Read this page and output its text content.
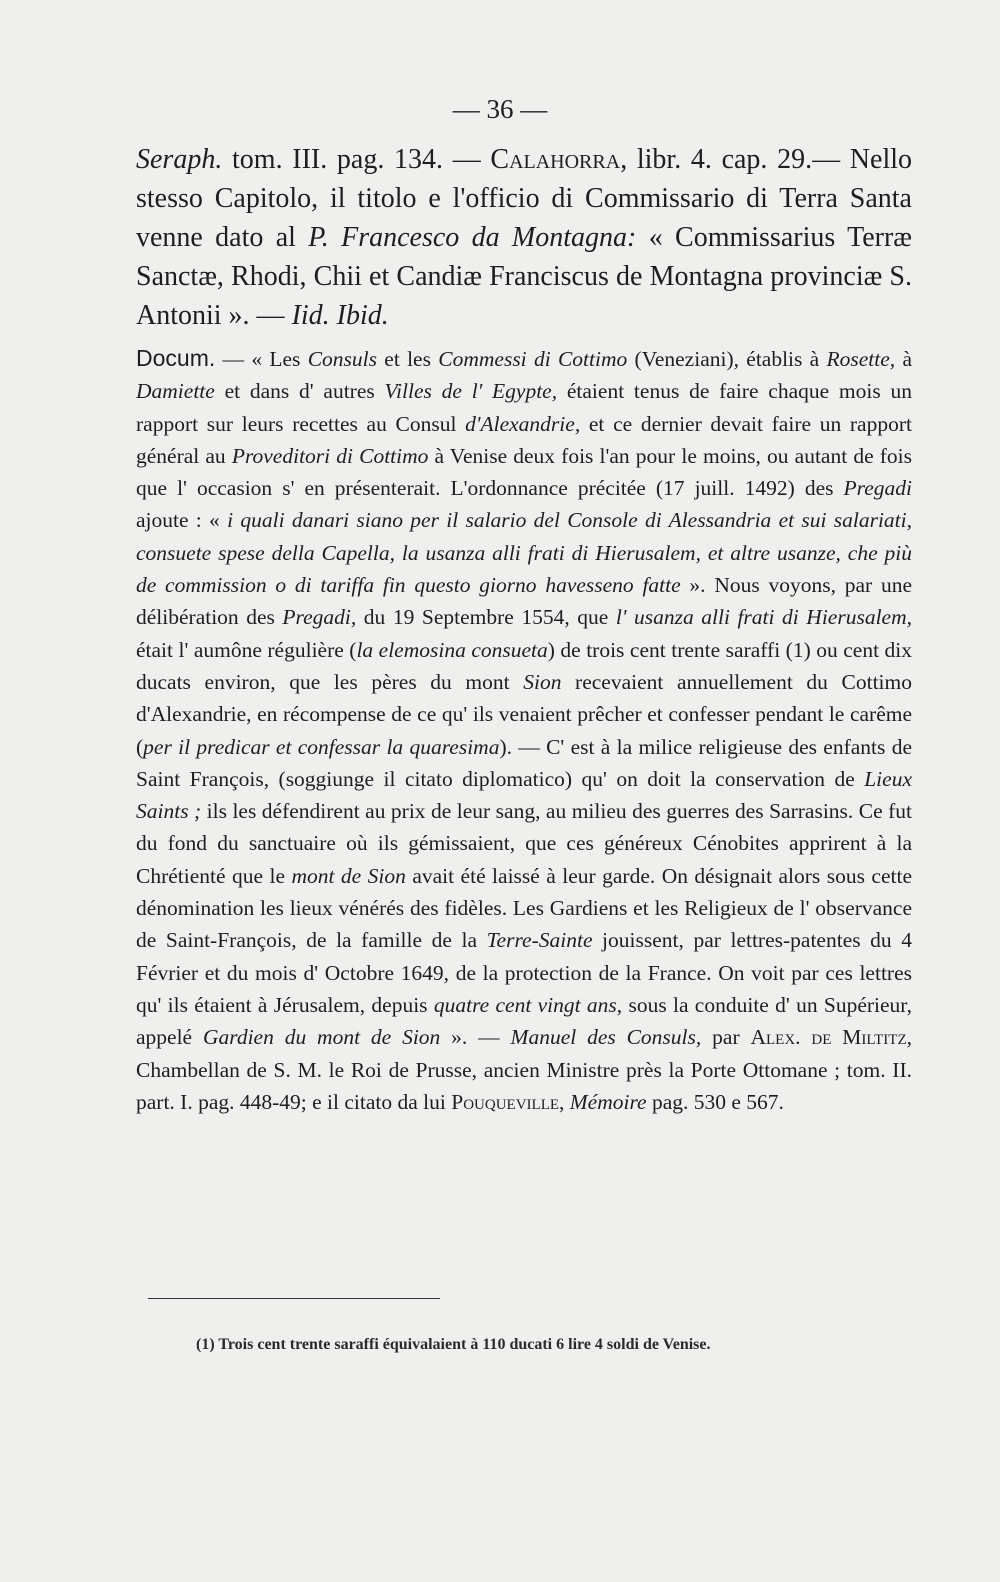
— 36 —
Seraph. tom. III. pag. 134. — Calahorra, libr. 4. cap. 29.— Nello stesso Capitolo, il titolo e l'officio di Commissario di Terra Santa venne dato al P. Francesco da Montagna: « Commissarius Terræ Sanctæ, Rhodi, Chii et Candiæ Franciscus de Montagna provinciæ S. Antonii ». — Iid. Ibid.
Docum. — « Les Consuls et les Commessi di Cottimo (Veneziani), établis à Rosette, à Damiette et dans d' autres Villes de l' Egypte, étaient tenus de faire chaque mois un rapport sur leurs recettes au Consul d'Alexandrie, et ce dernier devait faire un rapport général au Proveditori di Cottimo à Venise deux fois l'an pour le moins, ou autant de fois que l' occasion s' en présenterait. L'ordonnance précitée (17 juill. 1492) des Pregadi ajoute : « i quali danari siano per il salario del Console di Alessandria et sui salariati, consuete spese della Capella, la usanza alli frati di Hierusalem, et altre usanze, che più de commission o di tariffa fin questo giorno havesseno fatte ». Nous voyons, par une délibération des Pregadi, du 19 Septembre 1554, que l' usanza alli frati di Hierusalem, était l' aumône régulière (la elemosina consueta) de trois cent trente saraffi (1) ou cent dix ducats environ, que les pères du mont Sion recevaient annuellement du Cottimo d'Alexandrie, en récompense de ce qu' ils venaient prêcher et confesser pendant le carême (per il predicar et confessar la quaresima). — C' est à la milice religieuse des enfants de Saint François, (soggiunge il citato diplomatico) qu' on doit la conservation de Lieux Saints ; ils les défendirent au prix de leur sang, au milieu des guerres des Sarrasins. Ce fut du fond du sanctuaire où ils gémissaient, que ces généreux Cénobites apprirent à la Chrétienté que le mont de Sion avait été laissé à leur garde. On désignait alors sous cette dénomination les lieux vénérés des fidèles. Les Gardiens et les Religieux de l' observance de Saint-François, de la famille de la Terre-Sainte jouissent, par lettres-patentes du 4 Février et du mois d' Octobre 1649, de la protection de la France. On voit par ces lettres qu' ils étaient à Jérusalem, depuis quatre cent vingt ans, sous la conduite d' un Supérieur, appelé Gardien du mont de Sion ». — Manuel des Consuls, par Alex. de Miltitz, Chambellan de S. M. le Roi de Prusse, ancien Ministre près la Porte Ottomane ; tom. II. part. I. pag. 448-49; e il citato da lui Pouqueville, Mémoire pag. 530 e 567.
(1) Trois cent trente saraffi équivalaient à 110 ducati 6 lire 4 soldi de Venise.
